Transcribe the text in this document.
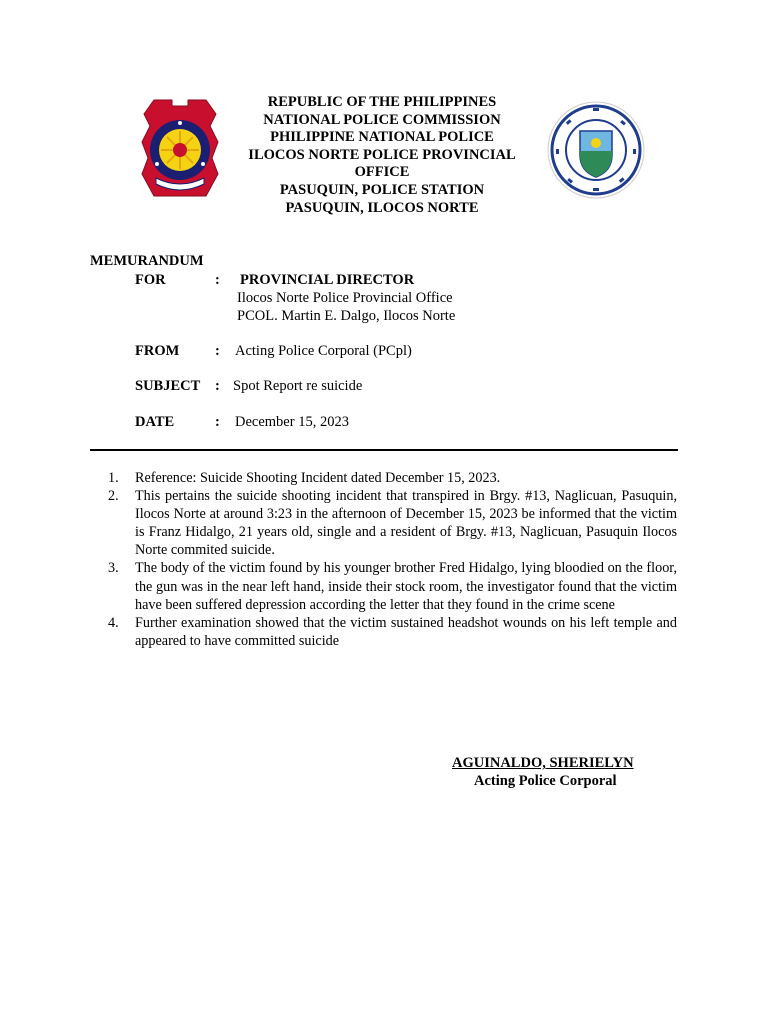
REPUBLIC OF THE PHILIPPINES
NATIONAL POLICE COMMISSION
PHILIPPINE NATIONAL POLICE
ILOCOS NORTE POLICE PROVINCIAL
OFFICE
PASUQUIN, POLICE STATION
PASUQUIN, ILOCOS NORTE
MEMURANDUM
FOR	: PROVINCIAL DIRECTOR
Ilocos Norte Police Provincial Office
PCOL. Martin E. Dalgo, Ilocos Norte
FROM : Acting Police Corporal (PCpl)
SUBJECT : Spot Report re suicide
DATE	: December 15, 2023
1.	Reference: Suicide Shooting Incident dated December 15, 2023.
2.	This pertains the suicide shooting incident that transpired in Brgy. #13, Naglicuan, Pasuquin, Ilocos Norte at around 3:23 in the afternoon of December 15, 2023 be informed that the victim is Franz Hidalgo, 21 years old, single and a resident of Brgy. #13, Naglicuan, Pasuquin Ilocos Norte commited suicide.
3.	The body of the victim found by his younger brother Fred Hidalgo, lying bloodied on the floor, the gun was in the near left hand, inside their stock room, the investigator found that the victim have been suffered depression according the letter that they found in the crime scene
4.	Further examination showed that the victim sustained headshot wounds on his left temple and appeared to have committed suicide
AGUINALDO, SHERIELYN
Acting Police Corporal
